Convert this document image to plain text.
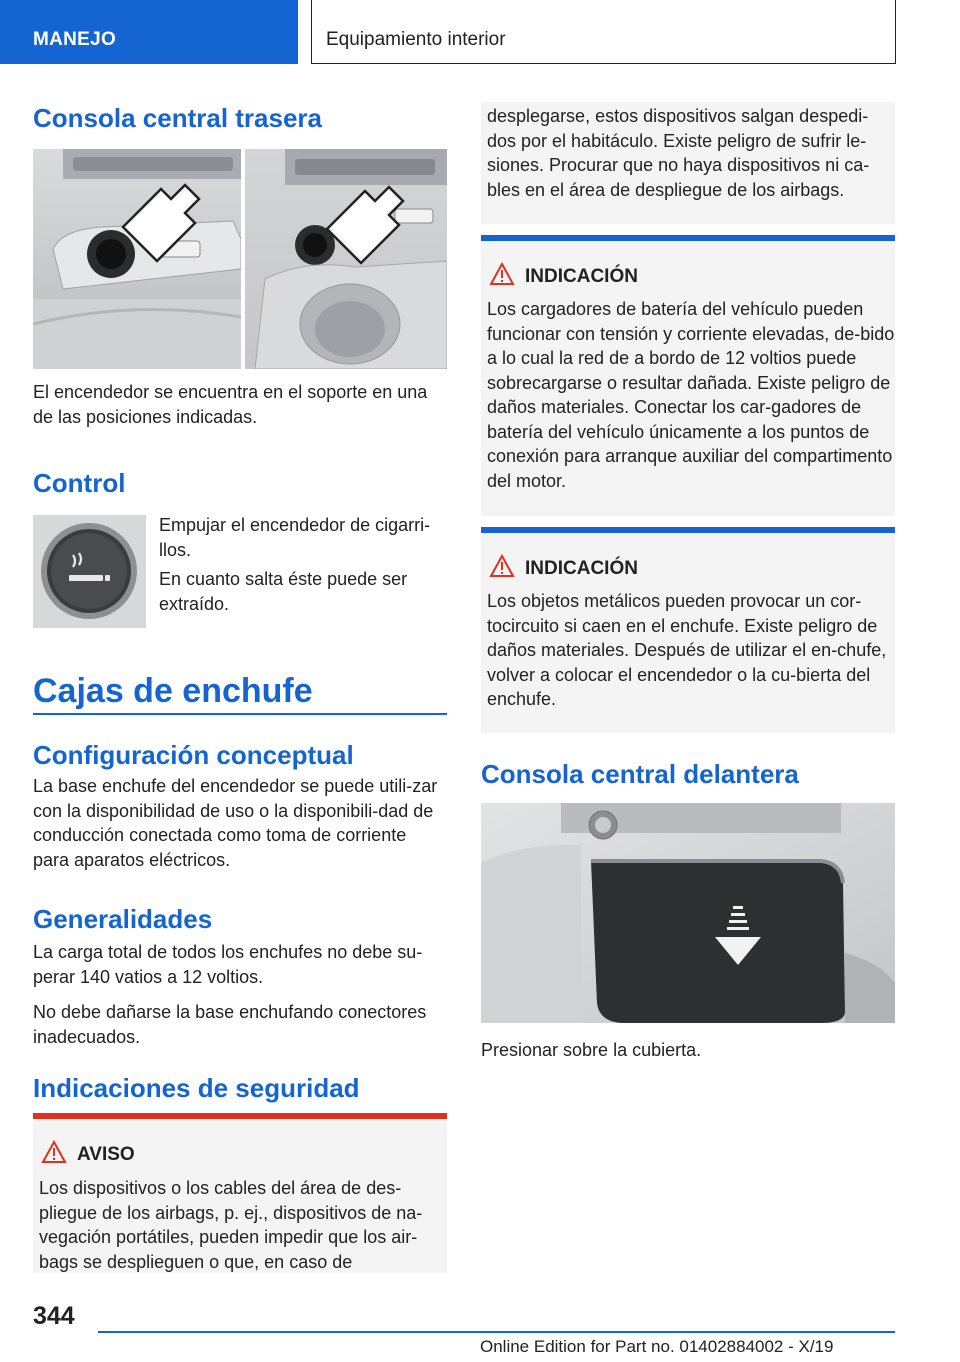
MANEJO	Equipamiento interior
Consola central trasera
El encendedor se encuentra en el soporte en una de las posiciones indicadas.
Control
Empujar el encendedor de cigarri-llos.
En cuanto salta éste puede ser extraído.
Cajas de enchufe
Configuración conceptual
La base enchufe del encendedor se puede utili-zar con la disponibilidad de uso o la disponibili-dad de conducción conectada como toma de corriente para aparatos eléctricos.
Generalidades
La carga total de todos los enchufes no debe su-perar 140 vatios a 12 voltios.
No debe dañarse la base enchufando conectores inadecuados.
Indicaciones de seguridad
AVISO
Los dispositivos o los cables del área de des-pliegue de los airbags, p. ej., dispositivos de na-vegación portátiles, pueden impedir que los air-bags se desplieguen o que, en caso de
desplegarse, estos dispositivos salgan despedi-dos por el habitáculo. Existe peligro de sufrir le-siones. Procurar que no haya dispositivos ni ca-bles en el área de despliegue de los airbags.
INDICACIÓN
Los cargadores de batería del vehículo pueden funcionar con tensión y corriente elevadas, de-bido a lo cual la red de a bordo de 12 voltios puede sobrecargarse o resultar dañada. Existe peligro de daños materiales. Conectar los car-gadores de batería del vehículo únicamente a los puntos de conexión para arranque auxiliar del compartimento del motor.
INDICACIÓN
Los objetos metálicos pueden provocar un cor-tocircuito si caen en el enchufe. Existe peligro de daños materiales. Después de utilizar el en-chufe, volver a colocar el encendedor o la cu-bierta del enchufe.
Consola central delantera
Presionar sobre la cubierta.
344
Online Edition for Part no. 01402884002 - X/19
